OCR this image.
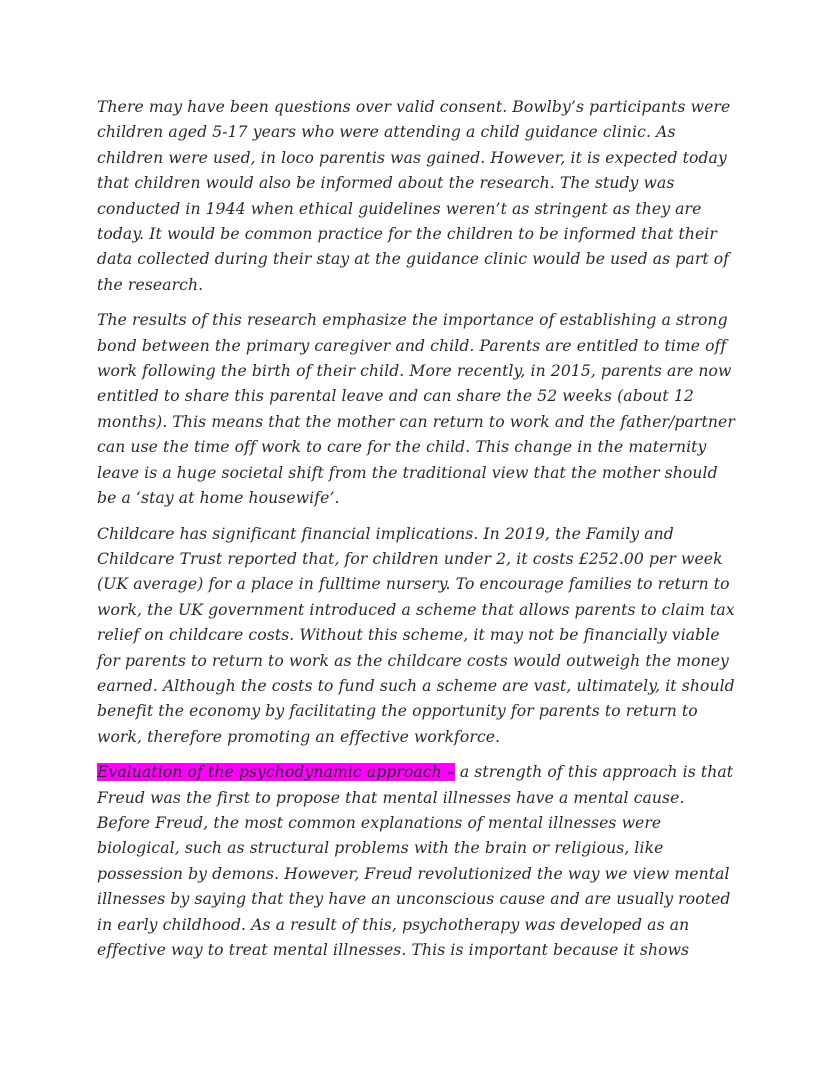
There may have been questions over valid consent. Bowlby’s participants were children aged 5-17 years who were attending a child guidance clinic. As children were used, in loco parentis was gained. However, it is expected today that children would also be informed about the research. The study was conducted in 1944 when ethical guidelines weren’t as stringent as they are today. It would be common practice for the children to be informed that their data collected during their stay at the guidance clinic would be used as part of the research.

The results of this research emphasize the importance of establishing a strong bond between the primary caregiver and child. Parents are entitled to time off work following the birth of their child. More recently, in 2015, parents are now entitled to share this parental leave and can share the 52 weeks (about 12 months). This means that the mother can return to work and the father/partner can use the time off work to care for the child. This change in the maternity leave is a huge societal shift from the traditional view that the mother should be a ‘stay at home housewife’.

Childcare has significant financial implications. In 2019, the Family and Childcare Trust reported that, for children under 2, it costs £252.00 per week (UK average) for a place in fulltime nursery. To encourage families to return to work, the UK government introduced a scheme that allows parents to claim tax relief on childcare costs. Without this scheme, it may not be financially viable for parents to return to work as the childcare costs would outweigh the money earned. Although the costs to fund such a scheme are vast, ultimately, it should benefit the economy by facilitating the opportunity for parents to return to work, therefore promoting an effective workforce.

Evaluation of the psychodynamic approach – a strength of this approach is that Freud was the first to propose that mental illnesses have a mental cause. Before Freud, the most common explanations of mental illnesses were biological, such as structural problems with the brain or religious, like possession by demons. However, Freud revolutionized the way we view mental illnesses by saying that they have an unconscious cause and are usually rooted in early childhood. As a result of this, psychotherapy was developed as an effective way to treat mental illnesses. This is important because it shows
